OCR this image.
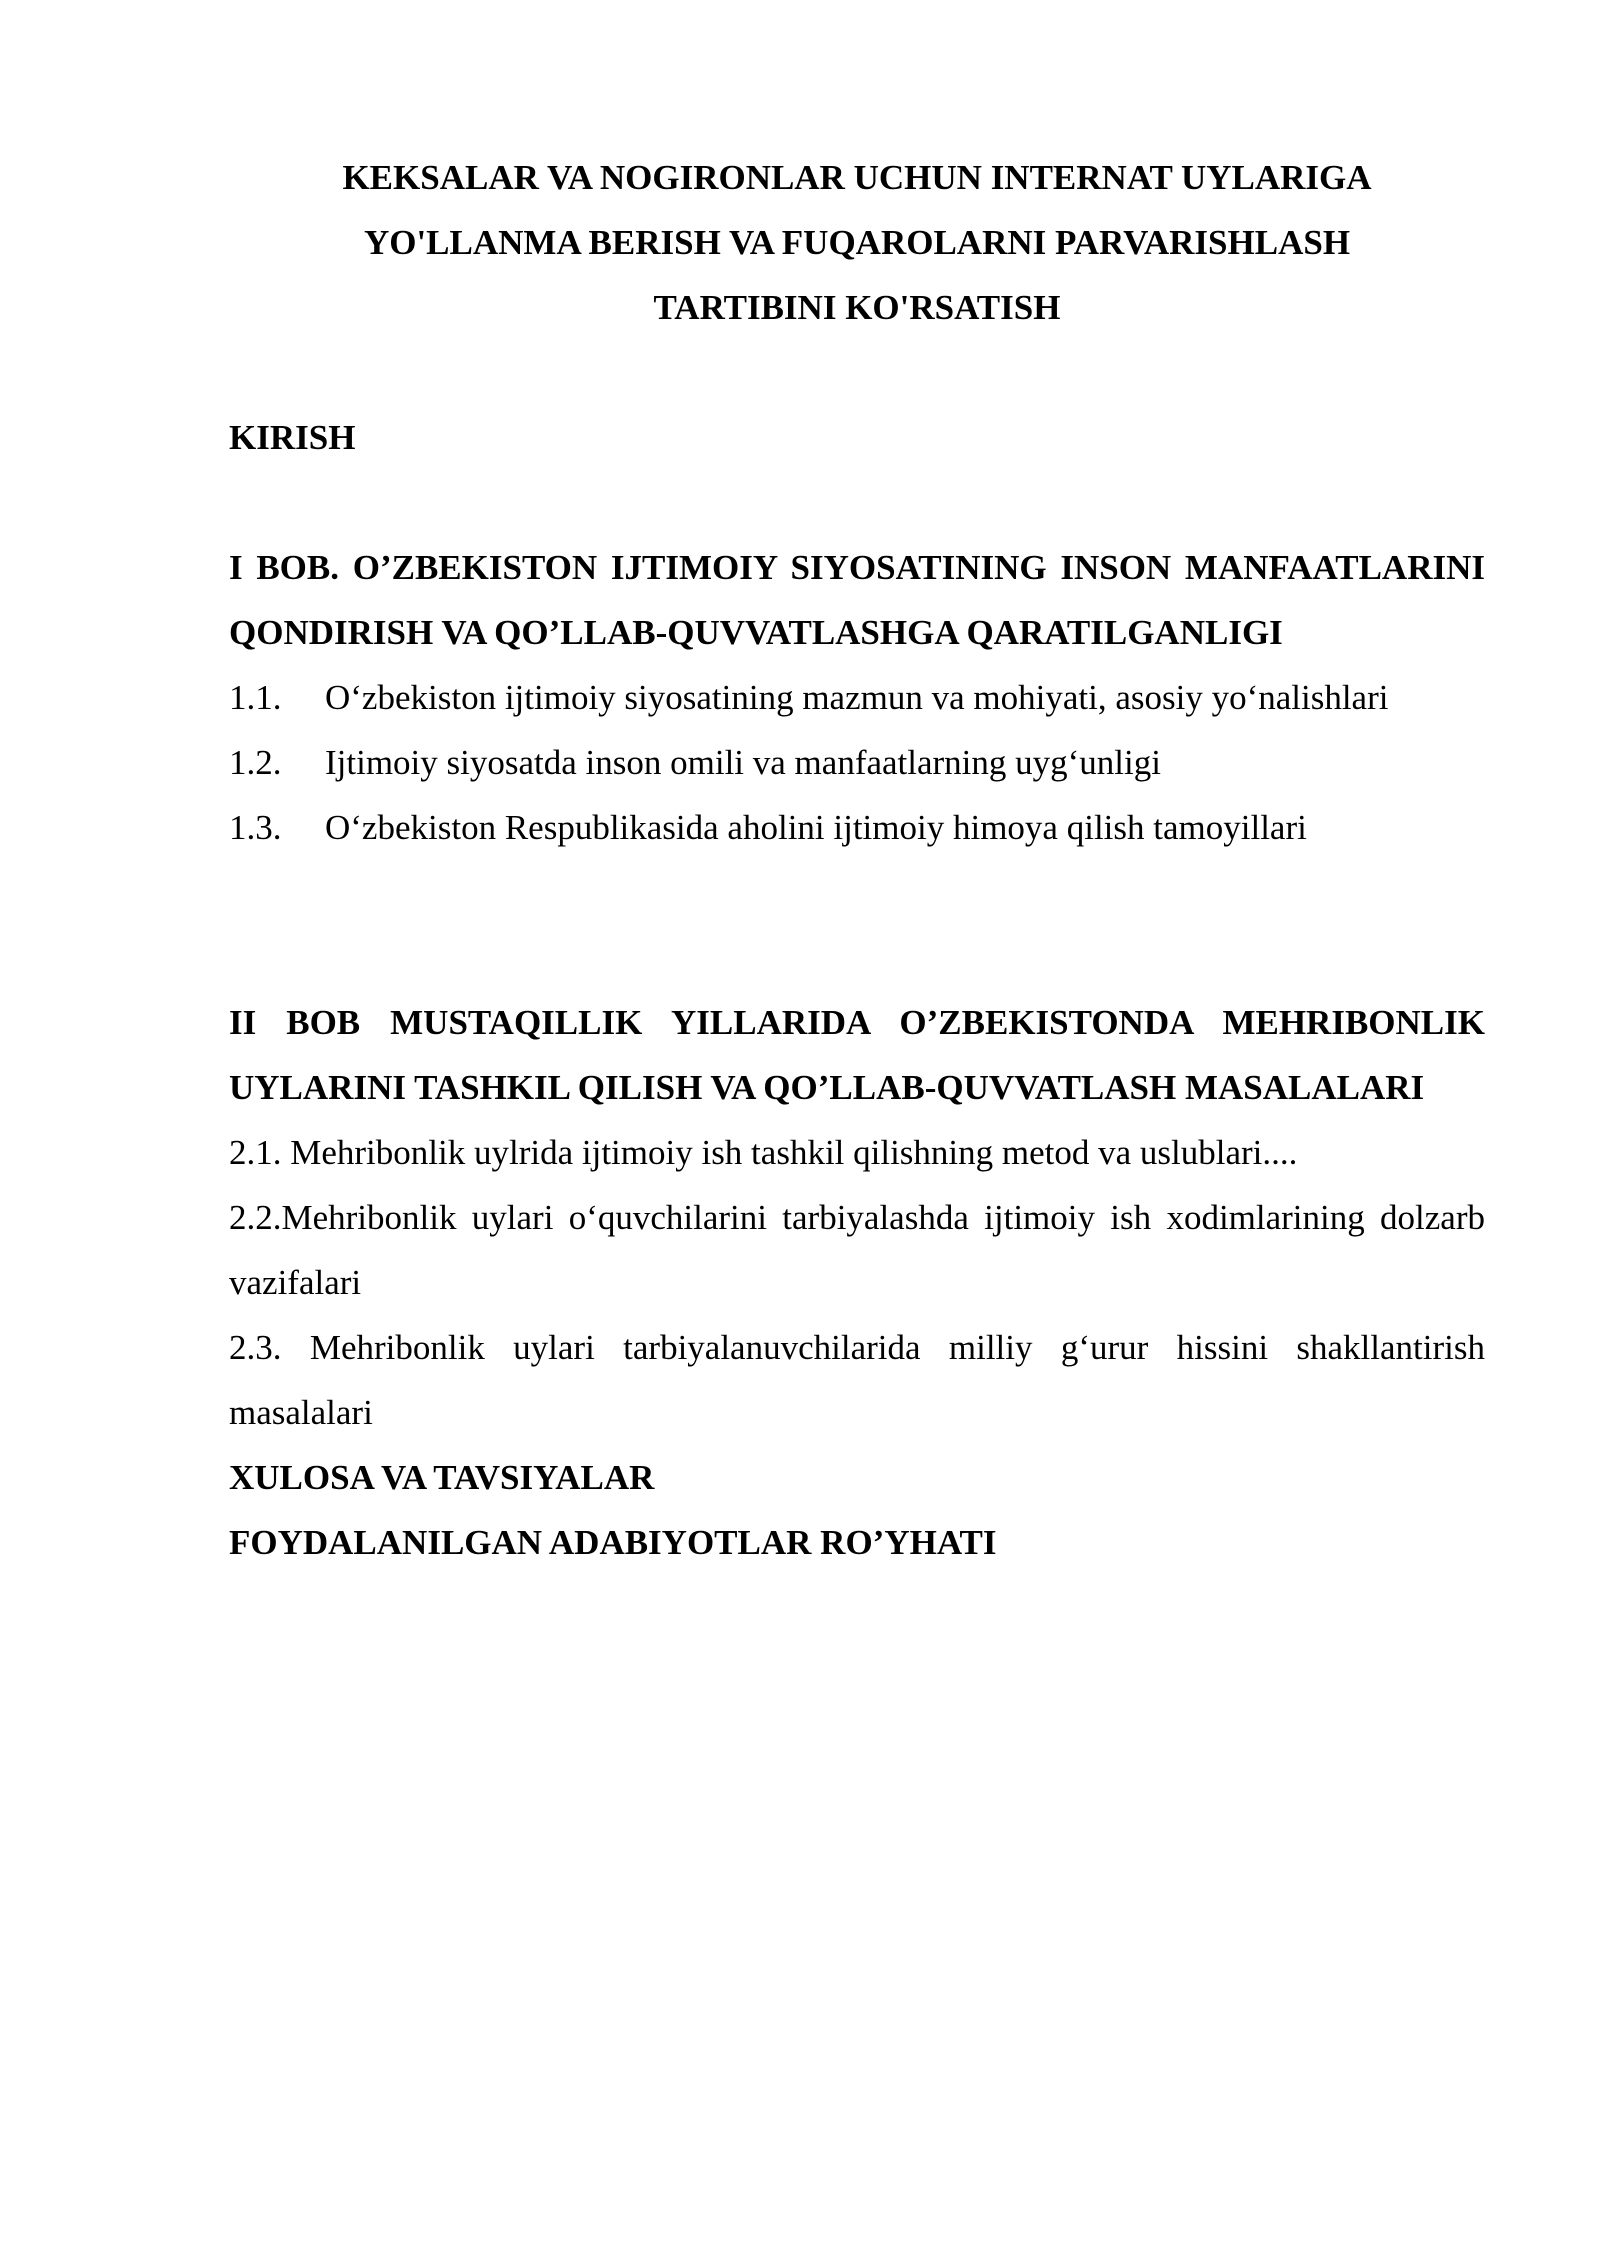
KEKSALAR VA NOGIRONLAR UCHUN INTERNAT UYLARIGA
YO'LLANMA BERISH VA FUQAROLARNI PARVARISHLASH
TARTIBINI KO'RSATISH

KIRISH

I BOB. O’ZBEKISTON IJTIMOIY SIYOSATINING INSON MANFAATLARINI QONDIRISH VA QO’LLAB-QUVVATLASHGA QARATILGANLIGI

1.1.	O‘zbekiston ijtimoiy siyosatining mazmun va mohiyati, asosiy yo‘nalishlari
1.2.	Ijtimoiy siyosatda inson omili va manfaatlarning uyg‘unligi
1.3.	O‘zbekiston Respublikasida aholini ijtimoiy himoya qilish tamoyillari

II BOB MUSTAQILLIK YILLARIDA O’ZBEKISTONDA MEHRIBONLIK UYLARINI TASHKIL QILISH VA QO’LLAB-QUVVATLASH MASALALARI

2.1. Mehribonlik uylrida ijtimoiy ish tashkil qilishning metod va uslublari....

2.2.Mehribonlik uylari o‘quvchilarini tarbiyalashda ijtimoiy ish xodimlarining dolzarb vazifalari

2.3. Mehribonlik uylari tarbiyalanuvchilarida milliy g‘urur hissini shakllantirish masalalari

XULOSA VA TAVSIYALAR

FOYDALANILGAN ADABIYOTLAR RO’YHATI
